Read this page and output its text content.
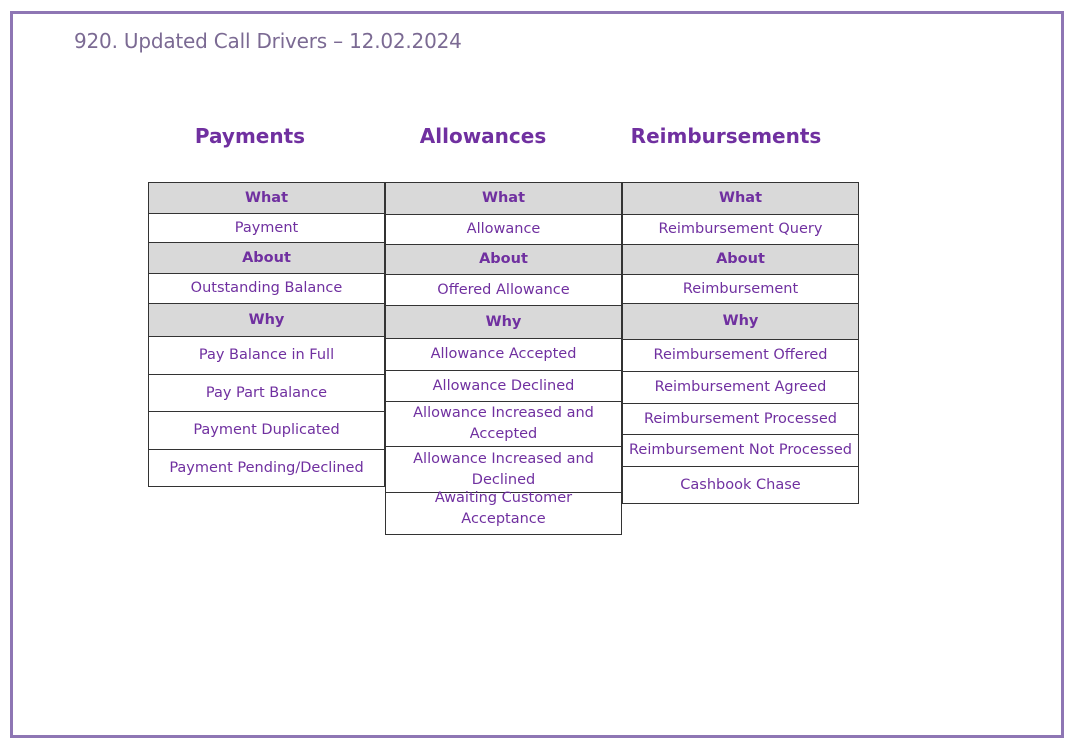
920. Updated Call Drivers – 12.02.2024
Payments	Allowances	Reimbursements
What
Payment
About
Outstanding Balance
Why
Pay Balance in Full
Pay Part Balance
Payment Duplicated
Payment Pending/Declined
What
Allowance
About
Offered Allowance
Why
Allowance Accepted
Allowance Declined
Allowance Increased and Accepted
Allowance Increased and Declined
Awaiting Customer Acceptance
What
Reimbursement Query
About
Reimbursement
Why
Reimbursement Offered
Reimbursement Agreed
Reimbursement Processed
Reimbursement Not Processed
Cashbook Chase
